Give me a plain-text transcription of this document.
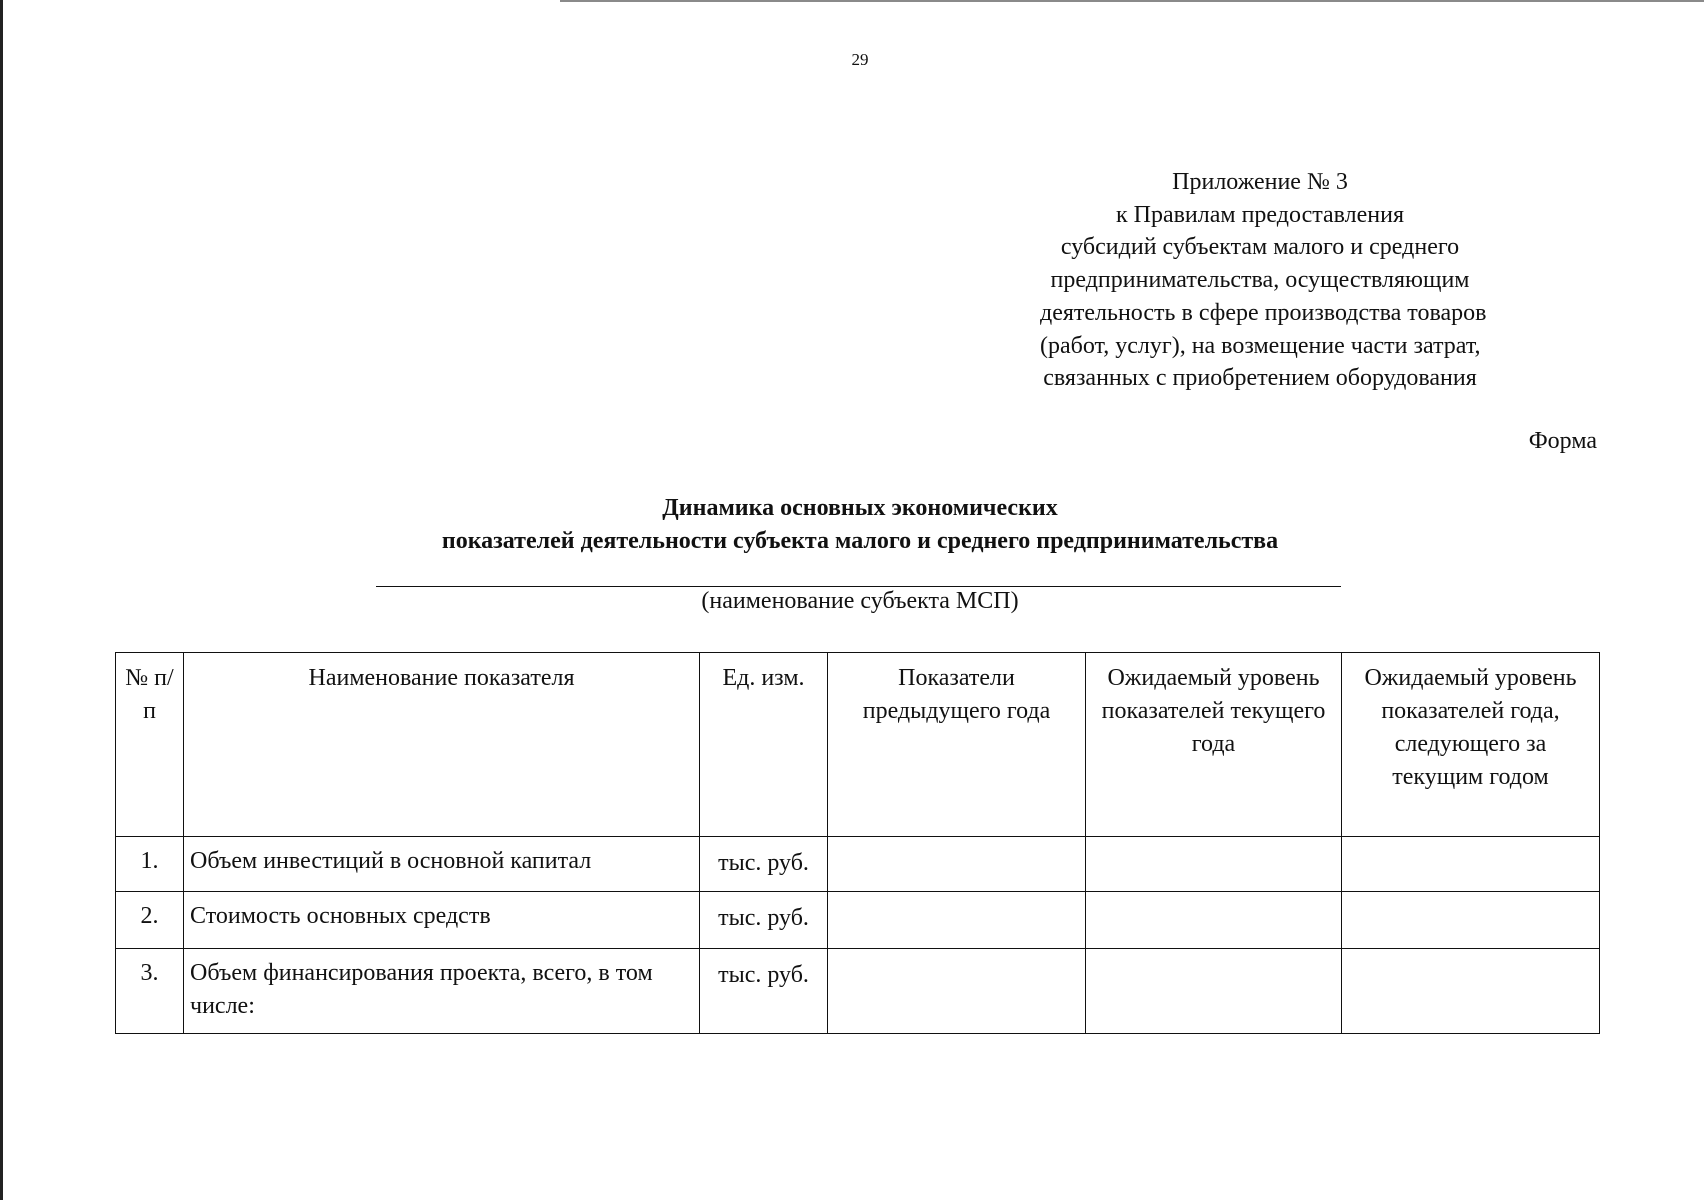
29
Приложение № 3
к Правилам предоставления
субсидий субъектам малого и среднего
предпринимательства, осуществляющим
деятельность в сфере производства товаров
(работ, услуг), на возмещение части затрат,
связанных с приобретением оборудования
Форма
Динамика основных экономических
показателей деятельности субъекта малого и среднего предпринимательства
(наименование субъекта МСП)
№ п/п	Наименование показателя	Ед. изм.	Показатели предыдущего года	Ожидаемый уровень показателей текущего года	Ожидаемый уровень показателей года, следующего за текущим годом
1.	Объем инвестиций в основной капитал	тыс. руб.			
2.	Стоимость основных средств	тыс. руб.			
3.	Объем финансирования проекта, всего, в том числе:	тыс. руб.			
